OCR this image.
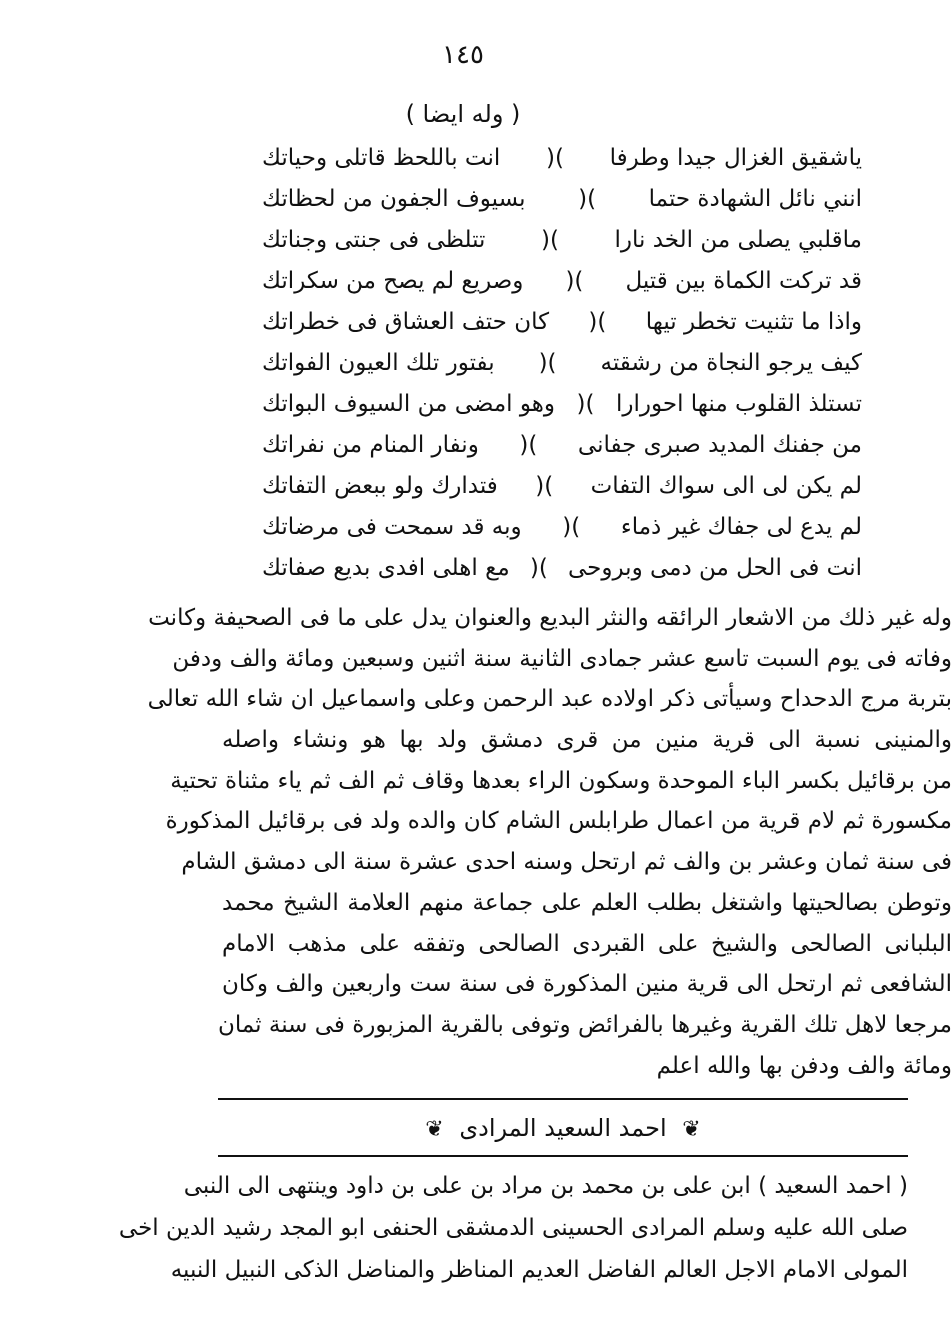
١٤٥
( وله ايضا )
ياشقيق الغزال جيدا وطرفا
)(
انت باللحظ قاتلى وحياتك
انني نائل الشهادة حتما
)(
بسيوف الجفون من لحظاتك
ماقلبي يصلى من الخد نارا
)(
تتلظى فى جنتى وجناتك
قد تركت الكماة بين قتيل
)(
وصريع لم يصح من سكراتك
واذا ما تثنيت تخطر تيها
)(
كان حتف العشاق فى خطراتك
كيف يرجو النجاة من رشقته
)(
بفتور تلك العيون الفواتك
تستلذ القلوب منها احورارا
)(
وهو امضى من السيوف البواتك
من جفنك المديد صبرى جفانى
)(
ونفار المنام من نفراتك
لم يكن لى الى سواك التفات
)(
فتدارك ولو ببعض التفاتك
لم يدع لى جفاك غير ذماء
)(
وبه قد سمحت فى مرضاتك
انت فى الحل من دمى وبروحى
)(
مع اهلى افدى بديع صفاتك
وله غير ذلك من الاشعار الرائقه والنثر البديع والعنوان يدل على ما فى الصحيفة وكانت
وفاته فى يوم السبت تاسع عشر جمادى الثانية سنة اثنين وسبعين ومائة والف ودفن
بتربة مرج الدحداح وسيأتى ذكر اولاده عبد الرحمن وعلى واسماعيل ان شاء الله تعالى
والمنينى نسبة الى قرية منين من قرى دمشق ولد بها هو ونشاء واصله
من برقائيل بكسر الباء الموحدة وسكون الراء بعدها وقاف ثم الف ثم ياء مثناة تحتية
مكسورة ثم لام قرية من اعمال طرابلس الشام كان والده ولد فى برقائيل المذكورة
فى سنة ثمان وعشر بن والف ثم ارتحل وسنه احدى عشرة سنة الى دمشق الشام
وتوطن بصالحيتها واشتغل بطلب العلم على جماعة منهم العلامة الشيخ محمد
البلبانى الصالحى والشيخ على القبردى الصالحى وتفقه على مذهب الامام
الشافعى ثم ارتحل الى قرية منين المذكورة فى سنة ست واربعين والف وكان
مرجعا لاهل تلك القرية وغيرها بالفرائض وتوفى بالقرية المزبورة فى سنة ثمان
ومائة والف ودفن بها والله اعلم
❦ احمد السعيد المرادى ❦
( احمد السعيد ) ابن على بن محمد بن مراد بن على بن داود وينتهى الى النبى
صلى الله عليه وسلم المرادى الحسينى الدمشقى الحنفى ابو المجد رشيد الدين اخى
المولى الامام الاجل العالم الفاضل العديم المناظر والمناضل الذكى النبيل النبيه
